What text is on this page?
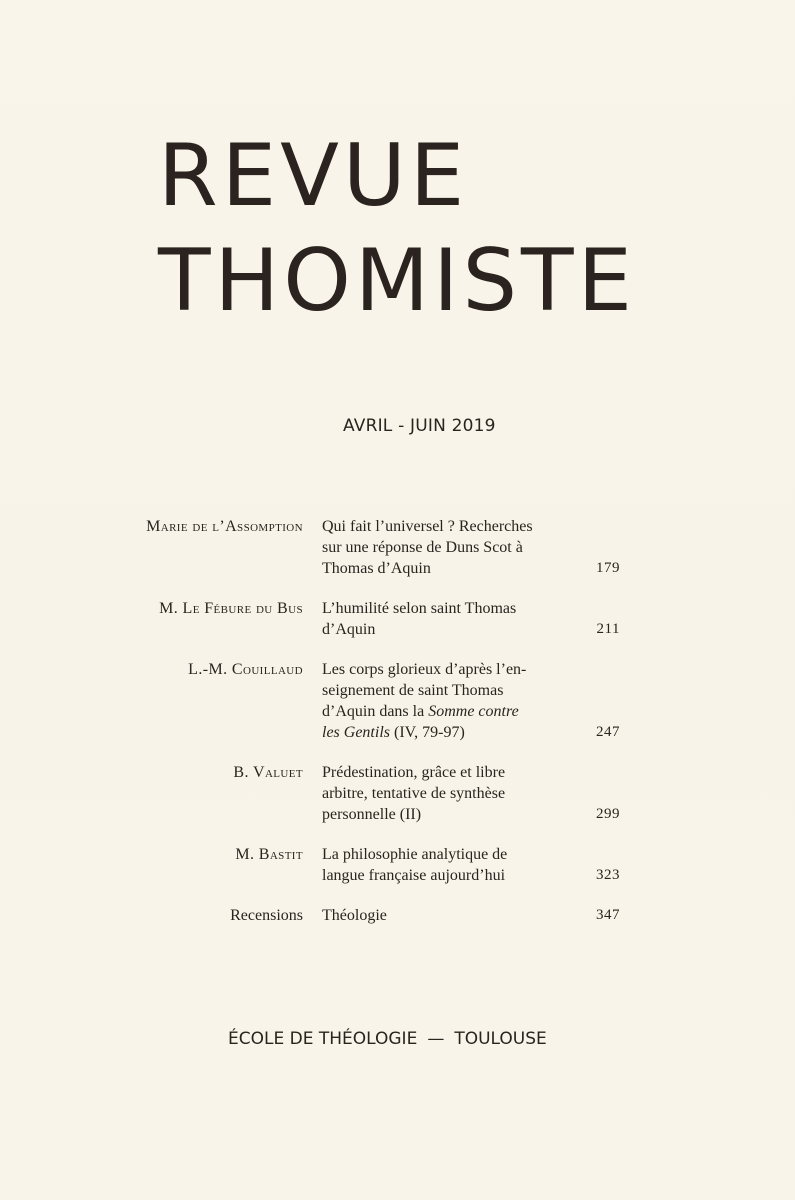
REVUE
THOMISTE
AVRIL - JUIN 2019
Marie de l’Assomption	Qui fait l’universel ? Recherches
sur une réponse de Duns Scot à
Thomas d’Aquin	179
M. Le Fébure du Bus	L’humilité selon saint Thomas
d’Aquin	211
L.-M. Couillaud	Les corps glorieux d’après l’en-
seignement de saint Thomas
d’Aquin dans la Somme contre
les Gentils (IV, 79-97)	247
B. Valuet	Prédestination, grâce et libre
arbitre, tentative de synthèse
personnelle (II)	299
M. Bastit	La philosophie analytique de
langue française aujourd’hui	323
Recensions	Théologie	347
ÉCOLE DE THÉOLOGIE — TOULOUSE
